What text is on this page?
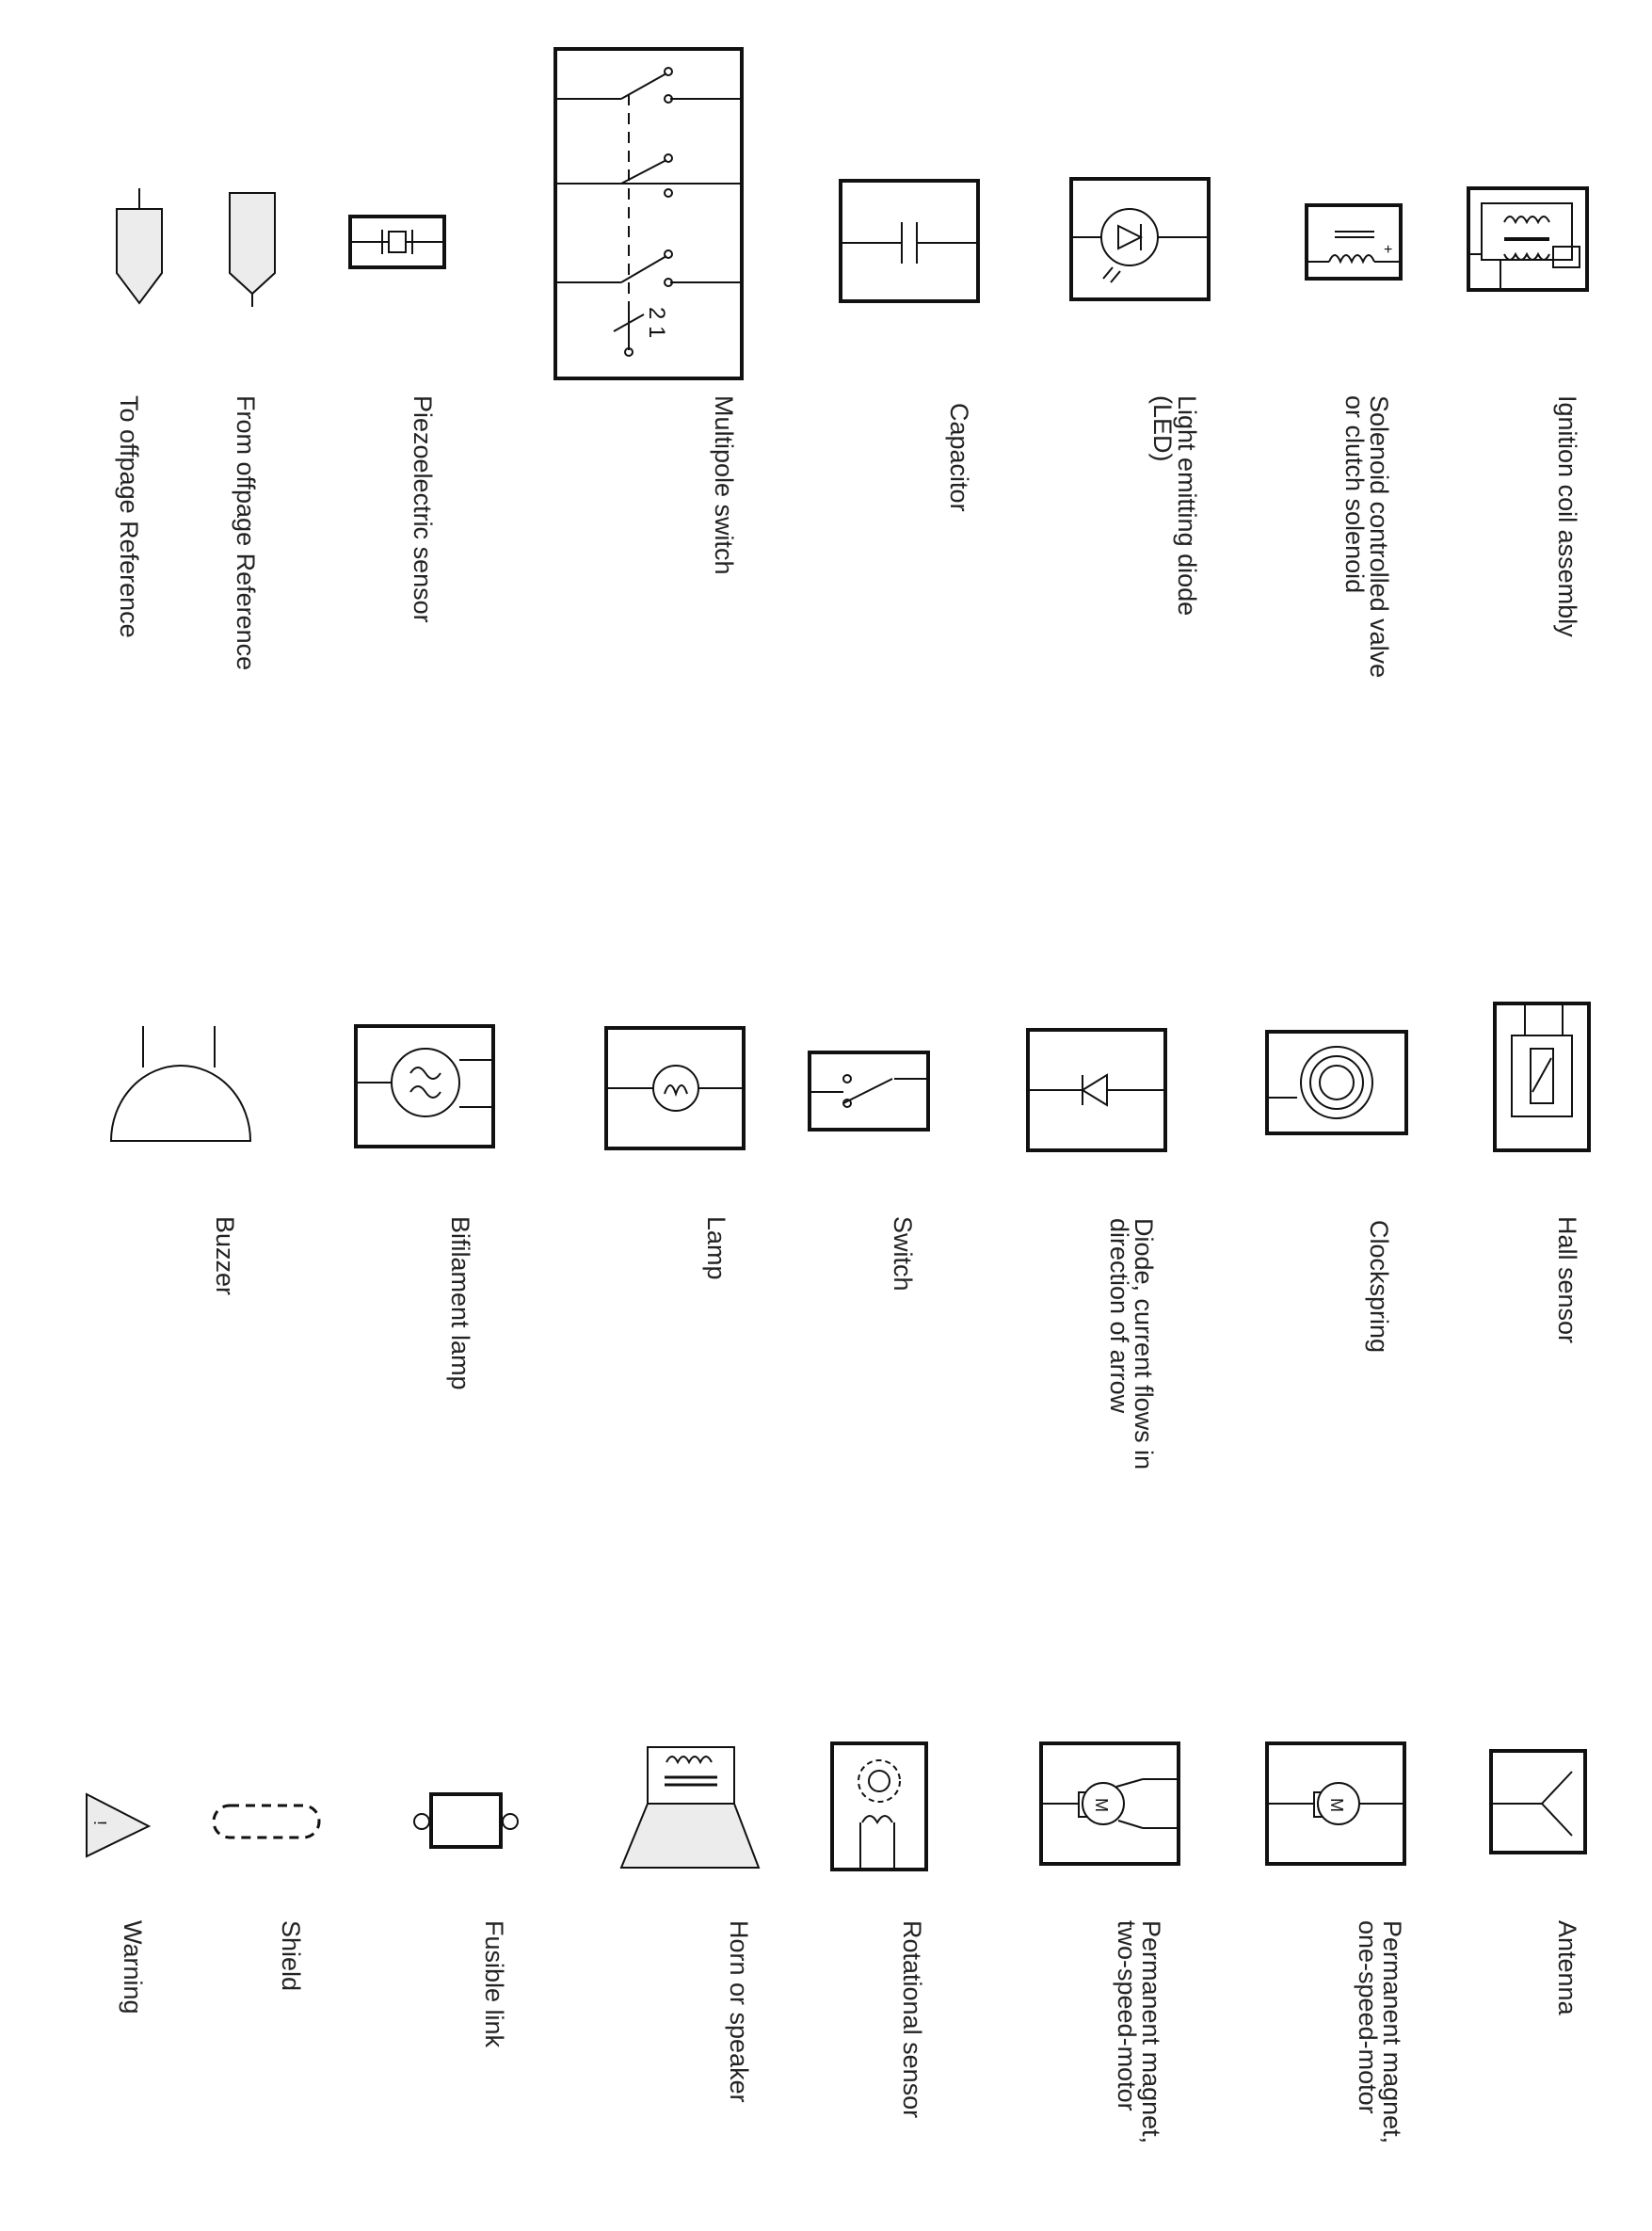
To offpage Reference	From offpage Reference	Piezoelectric sensor
2 1
Multipole switch	Capacitor	Light emitting diode
(LED)
+
Solenoid controlled valve
or clutch solenoid	Ignition coil assembly
Buzzer	Bifilament lamp	Lamp	Switch	Diode, current flows in
direction of arrow	Clockspring	Hall sensor
!
Warning	Shield	Fusible link	Horn or speaker	Rotational sensor
M
Permanent magnet,
two-speed-motor
M
Permanent magnet,
one-speed-motor	Antenna
